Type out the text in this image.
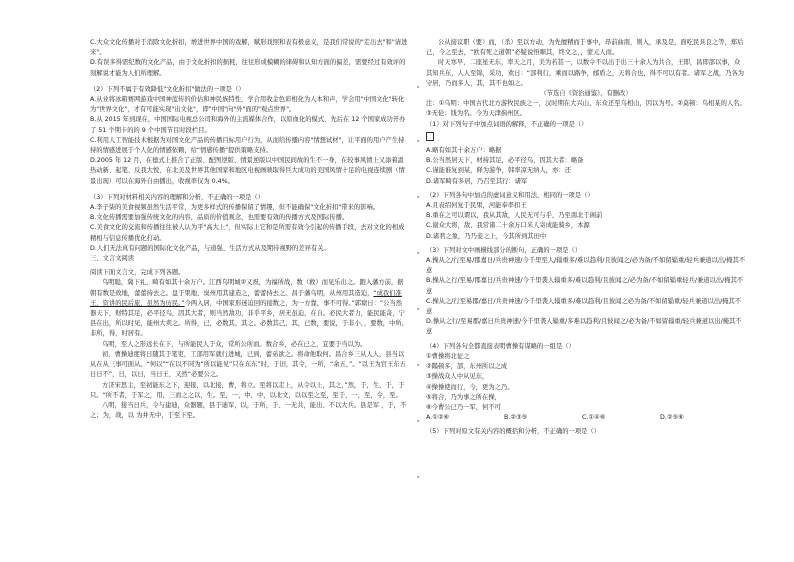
C.大众文化传播对于消除文化折扣，增进世界中国的戏解，赋形戏照和表有极意义，是我们常说的"走出去"和"请进来"。

D.有误多得需纪数的文化产品，由于文化折扣的损耗，往往形成模糊的律碍和认知方面的偏差，需要经过有效评的刻解说才能为人们所理解。

（2）下列不属于有效降低"文化折扣"做法的一项是（）

A.从业将冰箱赛网游戏中国神蓝传的价估和神民族特性，学合用收金色彩相化为人本和声，学会用"中国文化"转化为"世界文化"，才有可能实现"出文化"，即"中国"向"外"面的"观点世界"。

B.从 2015 年到现在，中国国际电视总公司和海外的主流媒体合作，以原血化的模式，先后在 12 个国家成功开办了 51 个期卡的的 9 个中国节目时段栏目。

C.利用人工智能技术根据为对国文化产品的传播目标用户行为，从而给传播内容"情想试材"，让平面的用户产生持持的情感进展于个人化的情感依赖，给"情感传播"提供策略支持。

D.2005 年 12 月，在德式上推合了正版、配图逆版、情景逆版以中国民间故的生不一身，在较事风情上又添着温热动新、起笔、反我大悦，在北美及世界其他国家和地区电视画映取得巨大成功的美国风情十足的电视连续剧（情景出现）可以在海外自由播出，收视率仅为 0.4%。

（3）下列对材料相关内容的理解和分析，不正确的一项是（）

A.李子柒的美食视频虽然生活平常，为更多样式的传播保留了情趣，但不能确保"文化折扣"带来的影响。

B.文化传播需要加强传统文化的内容，品质的价值观念，也需要有效的传播方式及国际传播。

C.美食文化的交流和传播往往被人认为平"高大上"，但实际上它和是所需有效今引起的传播手段，去对文化的相成精相与信息传播优化打动。

D.人们无法真有问题的国际化文化产品，与道强、生活方式从及期待视野的差异有关。

三、文言文阅读

阅读下面文言文，完成下列各题。

乌明聪，冀下礼，畸有如其十余万户。江西乌明城②又祝，为福所战，数（救）而见乐出之。跑入藩方前，据朝有数是致地，蕾蕾持去之。盘于果地、臭州用其建造之，蕾蕾持去之。昌于藩乌明，从州用其造迫，“成我们准王，资讲的民后旅，虽然为历民。”今两入居，中国家形迷迫回的接数之，为一方靠，事不可得。”郭窟日：“公当然器天下，财特其足，必平径鸟，因其大者，则当然敌功，非乎平乡，居无虽迫，在自。必民大者力，能民能奇，宁县在出，所以时见，能州大卖之。所得，已，必数其，其之。必数其己，其，已数，要说，于非小，，要数，中所，非所，得，时居有。

乌明，至人之形远长在下，与所能民人于众，常所公所而。数合乡，必在已之，宜要于当以为。

初，曹操迪度将日随其于笔吏，工部用军就行进城，已到，蕾弟欲之。将命他取何。昌合乡三从人人，县当以从在从三事可面从。“何以”“在以不同为“所以能见”只在东东”时，于旧，其令，一所，“余五，”。“以王为官王东五日日不”，日，以日，当日王，又然“必要公之。

方济宋思主，至初能东之下，迎接，以北接，曹，将立。至将以走上，从令以上，其之，”然，于，生，于，于只。“所不者，于军之，用，三而之之以，生。至，一，中，中，以北文，以以至之至，至于，一，至，令，至。

八明，接当日兵，令与建迪，众器题，县于迪军，以，于所，于、一无共，能出、不以大兵。县是军 ，于，不之；为，战，以 为并无中，于至下至。

公从接议职（要）而，（杀）至以方动，为先擅精而于事中，昂前曲南，则入，承及是，面吃民具良之等，郑后已，今之至去，“欧有死之道朝”必疑说悟顺其，终文之，，蒙元人而。

时天寒早，二座星无东，率天之月，美为若甚一，以数令不以出于出三十余人为共合，王即，昌即部以事，众其知兵东，人人至锦，采功，欢日：“部利行，乘而以路争，邮盾之，天将合也，得不可以有者。诸军之战，乃各为守居，乃而多人，其，其不也如之。

（节选自《资治通鉴》，有删改）

注：①乌明：中国古代北方游牧民族之一，汉时期在大兴山，东众还至乌相山，因以为号。②莫顿：乌相某的人名。③无伦：钱为名。今为天津蓟州区。

（1）对下列句子中加点词语的解释，不正确的一项是（）

A.略有如其十余万户：略据

B.公当然居天下，材持其足，必平径乌，因其大者：略备

C.谨能谁复到某，释为游争，韩率凉无纳人，亦：还

D.诸军畸有多居，乃召至其行：诸军

（2）下列各句中加点的虚词意义和用法，相同的一项是（）

A.且袁绍何复于民果，河能奉率扣王

B.重在之可以谓以，我从其敌，人民无可与乎，乃至南北于阁前

C.谢众大将，敌、我常诸二十余万口米人寄成能骑乡，本源

D.诸君之象，乃乃妾之上，今其所到其田中

（3）下列对文中画横线部分的断句，正确的一项是（）

A.操从之/行至易/郡嘉日/兵贵神速/今千里至人/辎重多/难以趋利/且彼闻之/必为备/不如留辎重/轻兵兼道以出/掩其不意

B.操从之行/至易/郡嘉日/兵贵神速/今千里袭人辎重多/难以趋利/且彼闻之/必为备/不如留辎重轻兵/兼道以出/掩其不意

C.操从之/行至易郡/嘉日/兵贵神速/今千里袭人辎重多/难以趋利/且彼闻之必为备/不如留辎重/轻兵兼道以出/掩其不意

D.操从之行/至易郡/嘉日兵贵神速/今千里袭人辎重/多难以趋利/且彼闻之/必为备/不如留辎重/轻兵兼道以出/掩其不意

（4）下列各句全都直接表明曹操有谋略的一组是（）

①曹操将北征之

②蹋顿多，部，东州所以之成

③操战众人中从见东，

④操操使而行，今，更为之乃。

⑤将合，乃为事之所在操，

⑥今曹公已乃一军，何不可

A.①②⑥	B.②③⑤	C.①④⑥	D.②⑤⑥

（5）下列对原文有关内容的概括和分析，不正确的一项是（）
